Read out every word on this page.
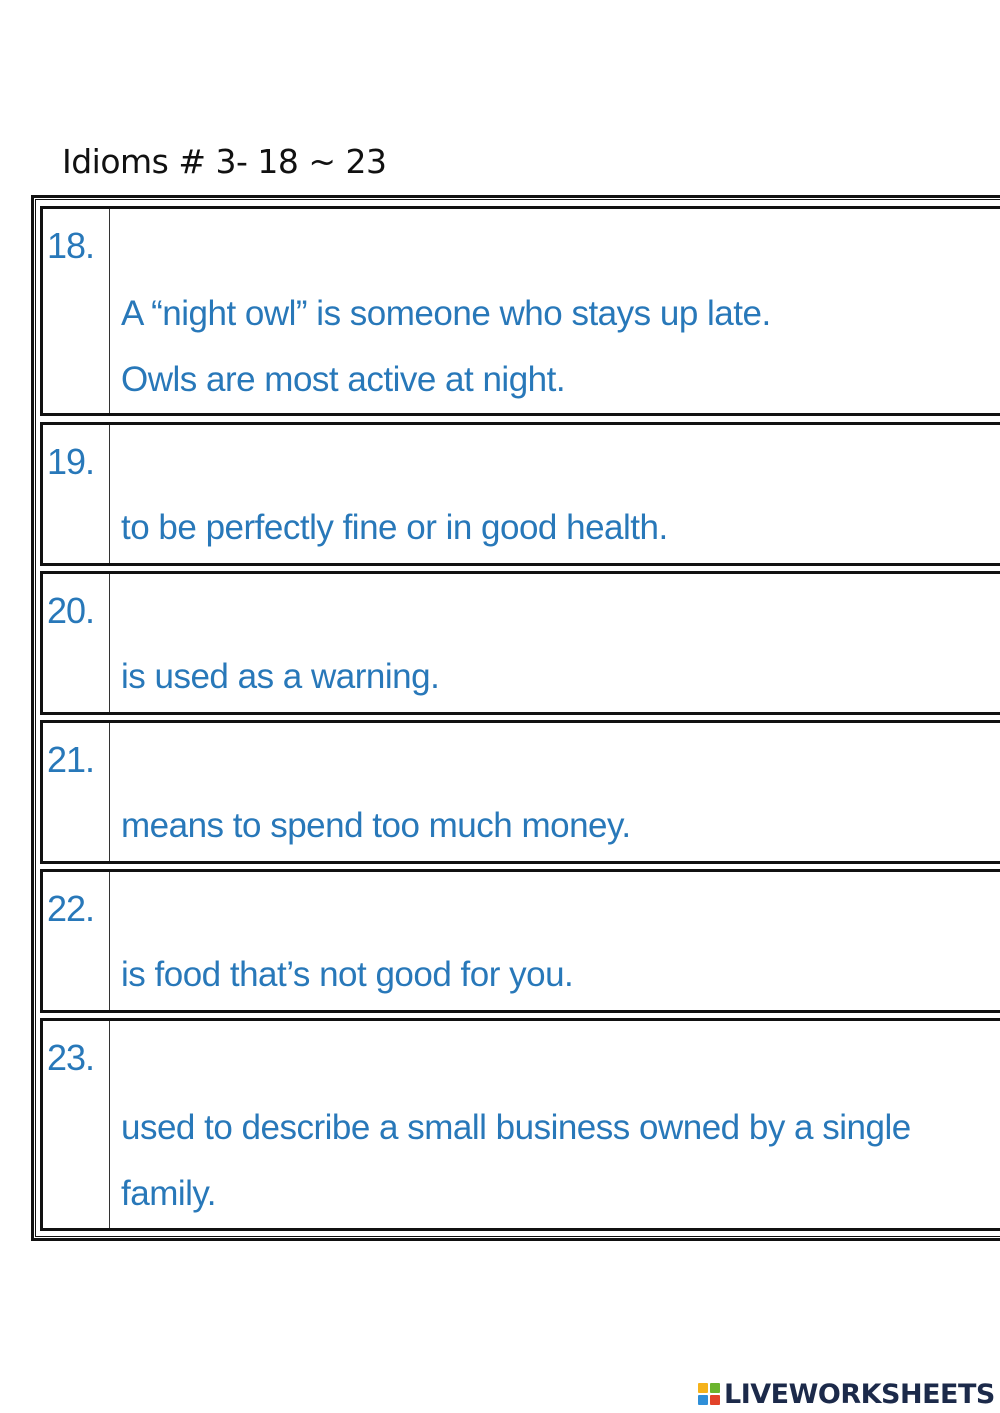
Idioms # 3- 18 ~ 23
18.
A “night owl” is someone who stays up late.
Owls are most active at night.
19.
to be perfectly fine or in good health.
20.
is used as a warning.
21.
means to spend too much money.
22.
is food that’s not good for you.
23.
used to describe a small business owned by a single
family.
LIVEWORKSHEETS
